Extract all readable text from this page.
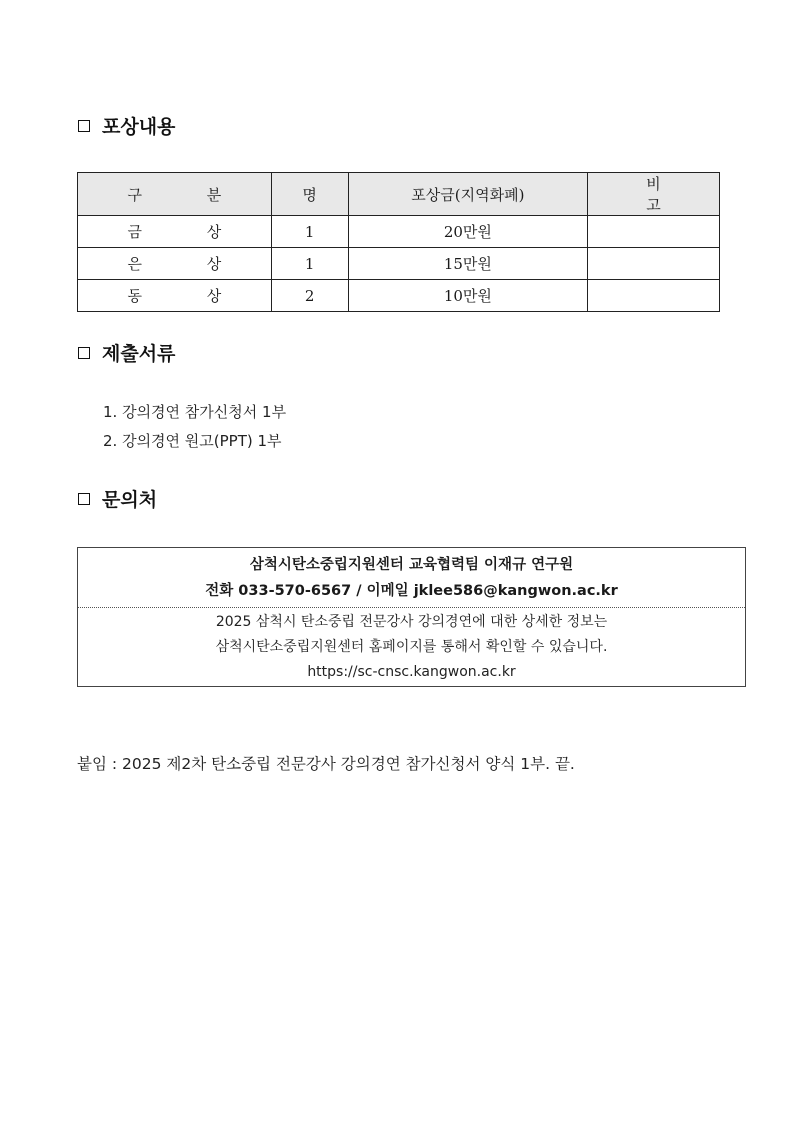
포상내용
구 분	명	포상금(지역화폐)	비 고
금 상	1	20만원	
은 상	1	15만원	
동 상	2	10만원	
제출서류
1. 강의경연 참가신청서 1부
2. 강의경연 원고(PPT) 1부
문의처
삼척시탄소중립지원센터 교육협력팀 이재규 연구원
전화 033-570-6567 / 이메일 jklee586@kangwon.ac.kr
2025 삼척시 탄소중립 전문강사 강의경연에 대한 상세한 정보는
삼척시탄소중립지원센터 홈페이지를 통해서 확인할 수 있습니다.
https://sc-cnsc.kangwon.ac.kr
붙임 : 2025 제2차 탄소중립 전문강사 강의경연 참가신청서 양식 1부. 끝.
